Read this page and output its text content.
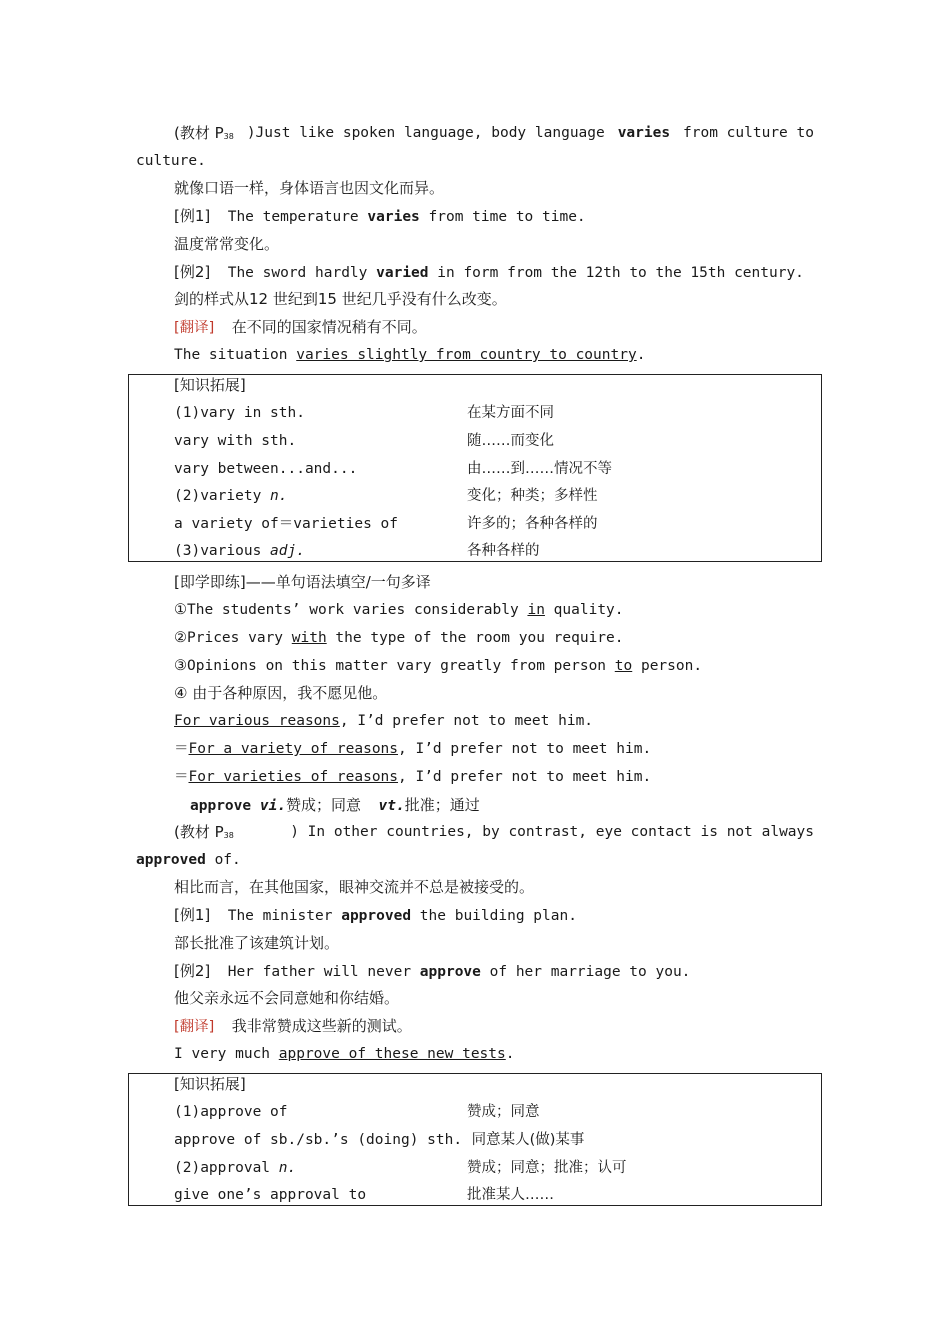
(教材 $P_{38}$ )Just like spoken language, body language varies from culture to
culture.
就像口语一样，身体语言也因文化而异。
[例1] The temperature varies from time to time.
温度常常变化。
[例2] The sword hardly varied in form from the 12th to the 15th century.
剑的样式从12 世纪到15 世纪几乎没有什么改变。
[翻译] 在不同的国家情况稍有不同。
The situation varies slightly from country to country.
[知识拓展]
(1)vary in sth.	在某方面不同
vary with sth.	随……而变化
vary between...and...	由……到……情况不等
(2)variety n.	变化；种类；多样性
a variety of＝varieties of	许多的；各种各样的
(3)various adj.	各种各样的
[即学即练]——单句语法填空/一句多译
①The students’ work varies considerably in quality.
②Prices vary with the type of the room you require.
③Opinions on this matter vary greatly from person to person.
④ 由于各种原因，我不愿见他。
For various reasons, I’d prefer not to meet him.
＝For a variety of reasons, I’d prefer not to meet him.
＝For varieties of reasons, I’d prefer not to meet him.
approve vi.赞成；同意 vt.批准；通过
(教材 $P_{38}$	) In other countries, by contrast, eye contact is not always
approved of.
相比而言，在其他国家，眼神交流并不总是被接受的。
[例1] The minister approved the building plan.
部长批准了该建筑计划。
[例2] Her father will never approve of her marriage to you.
他父亲永远不会同意她和你结婚。
[翻译] 我非常赞成这些新的测试。
I very much approve of these new tests.
[知识拓展]
(1)approve of	赞成；同意
approve of sb./sb.’s (doing) sth. 同意某人(做)某事
(2)approval n.	赞成；同意；批准；认可
give one’s approval to	批准某人……
